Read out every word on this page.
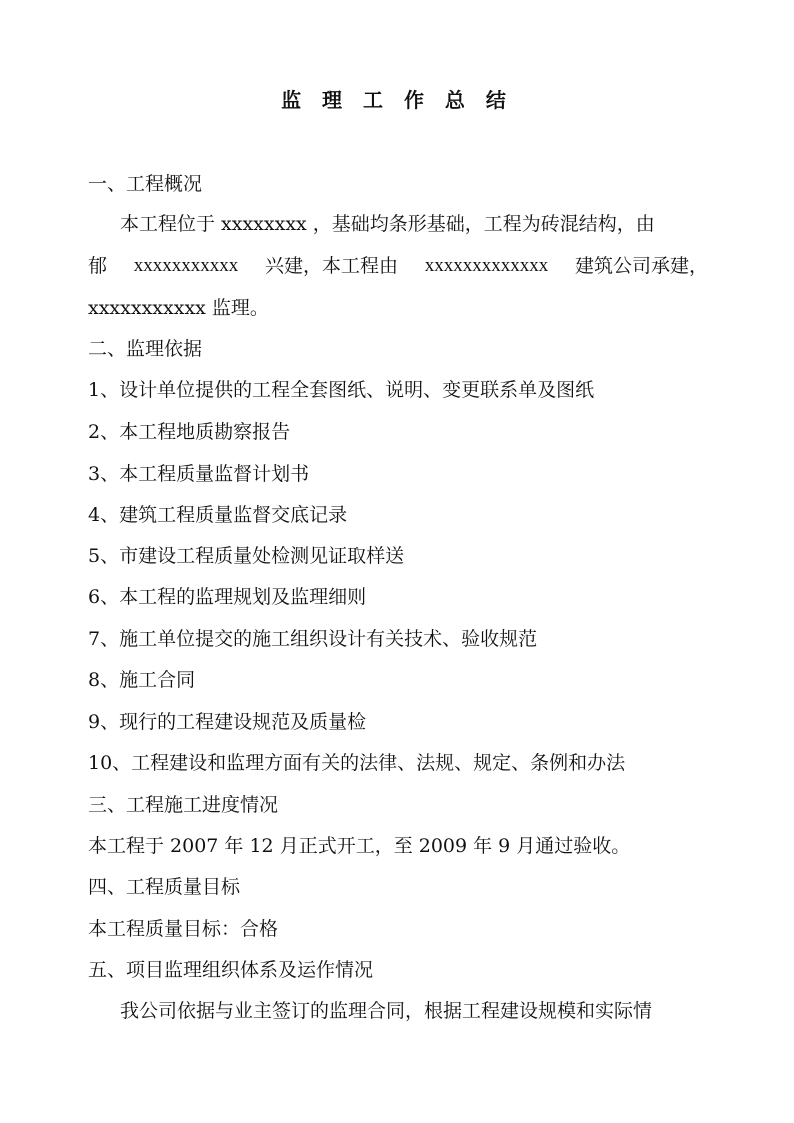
监 理 工 作 总 结
一、工程概况
本工程位于 xxxxxxxx ，基础均条形基础，工程为砖混结构，由
郁 xxxxxxxxxxx 兴建，本工程由 xxxxxxxxxxxxx 建筑公司承建，
xxxxxxxxxxx 监理。
二、监理依据
1、设计单位提供的工程全套图纸、说明、变更联系单及图纸
2、本工程地质勘察报告
3、本工程质量监督计划书
4、建筑工程质量监督交底记录
5、市建设工程质量处检测见证取样送
6、本工程的监理规划及监理细则
7、施工单位提交的施工组织设计有关技术、验收规范
8、施工合同
9、现行的工程建设规范及质量检
10、工程建设和监理方面有关的法律、法规、规定、条例和办法
三、工程施工进度情况
本工程于 2007 年 12 月正式开工，至 2009 年 9 月通过验收。
四、工程质量目标
本工程质量目标：合格
五、项目监理组织体系及运作情况
我公司依据与业主签订的监理合同，根据工程建设规模和实际情
